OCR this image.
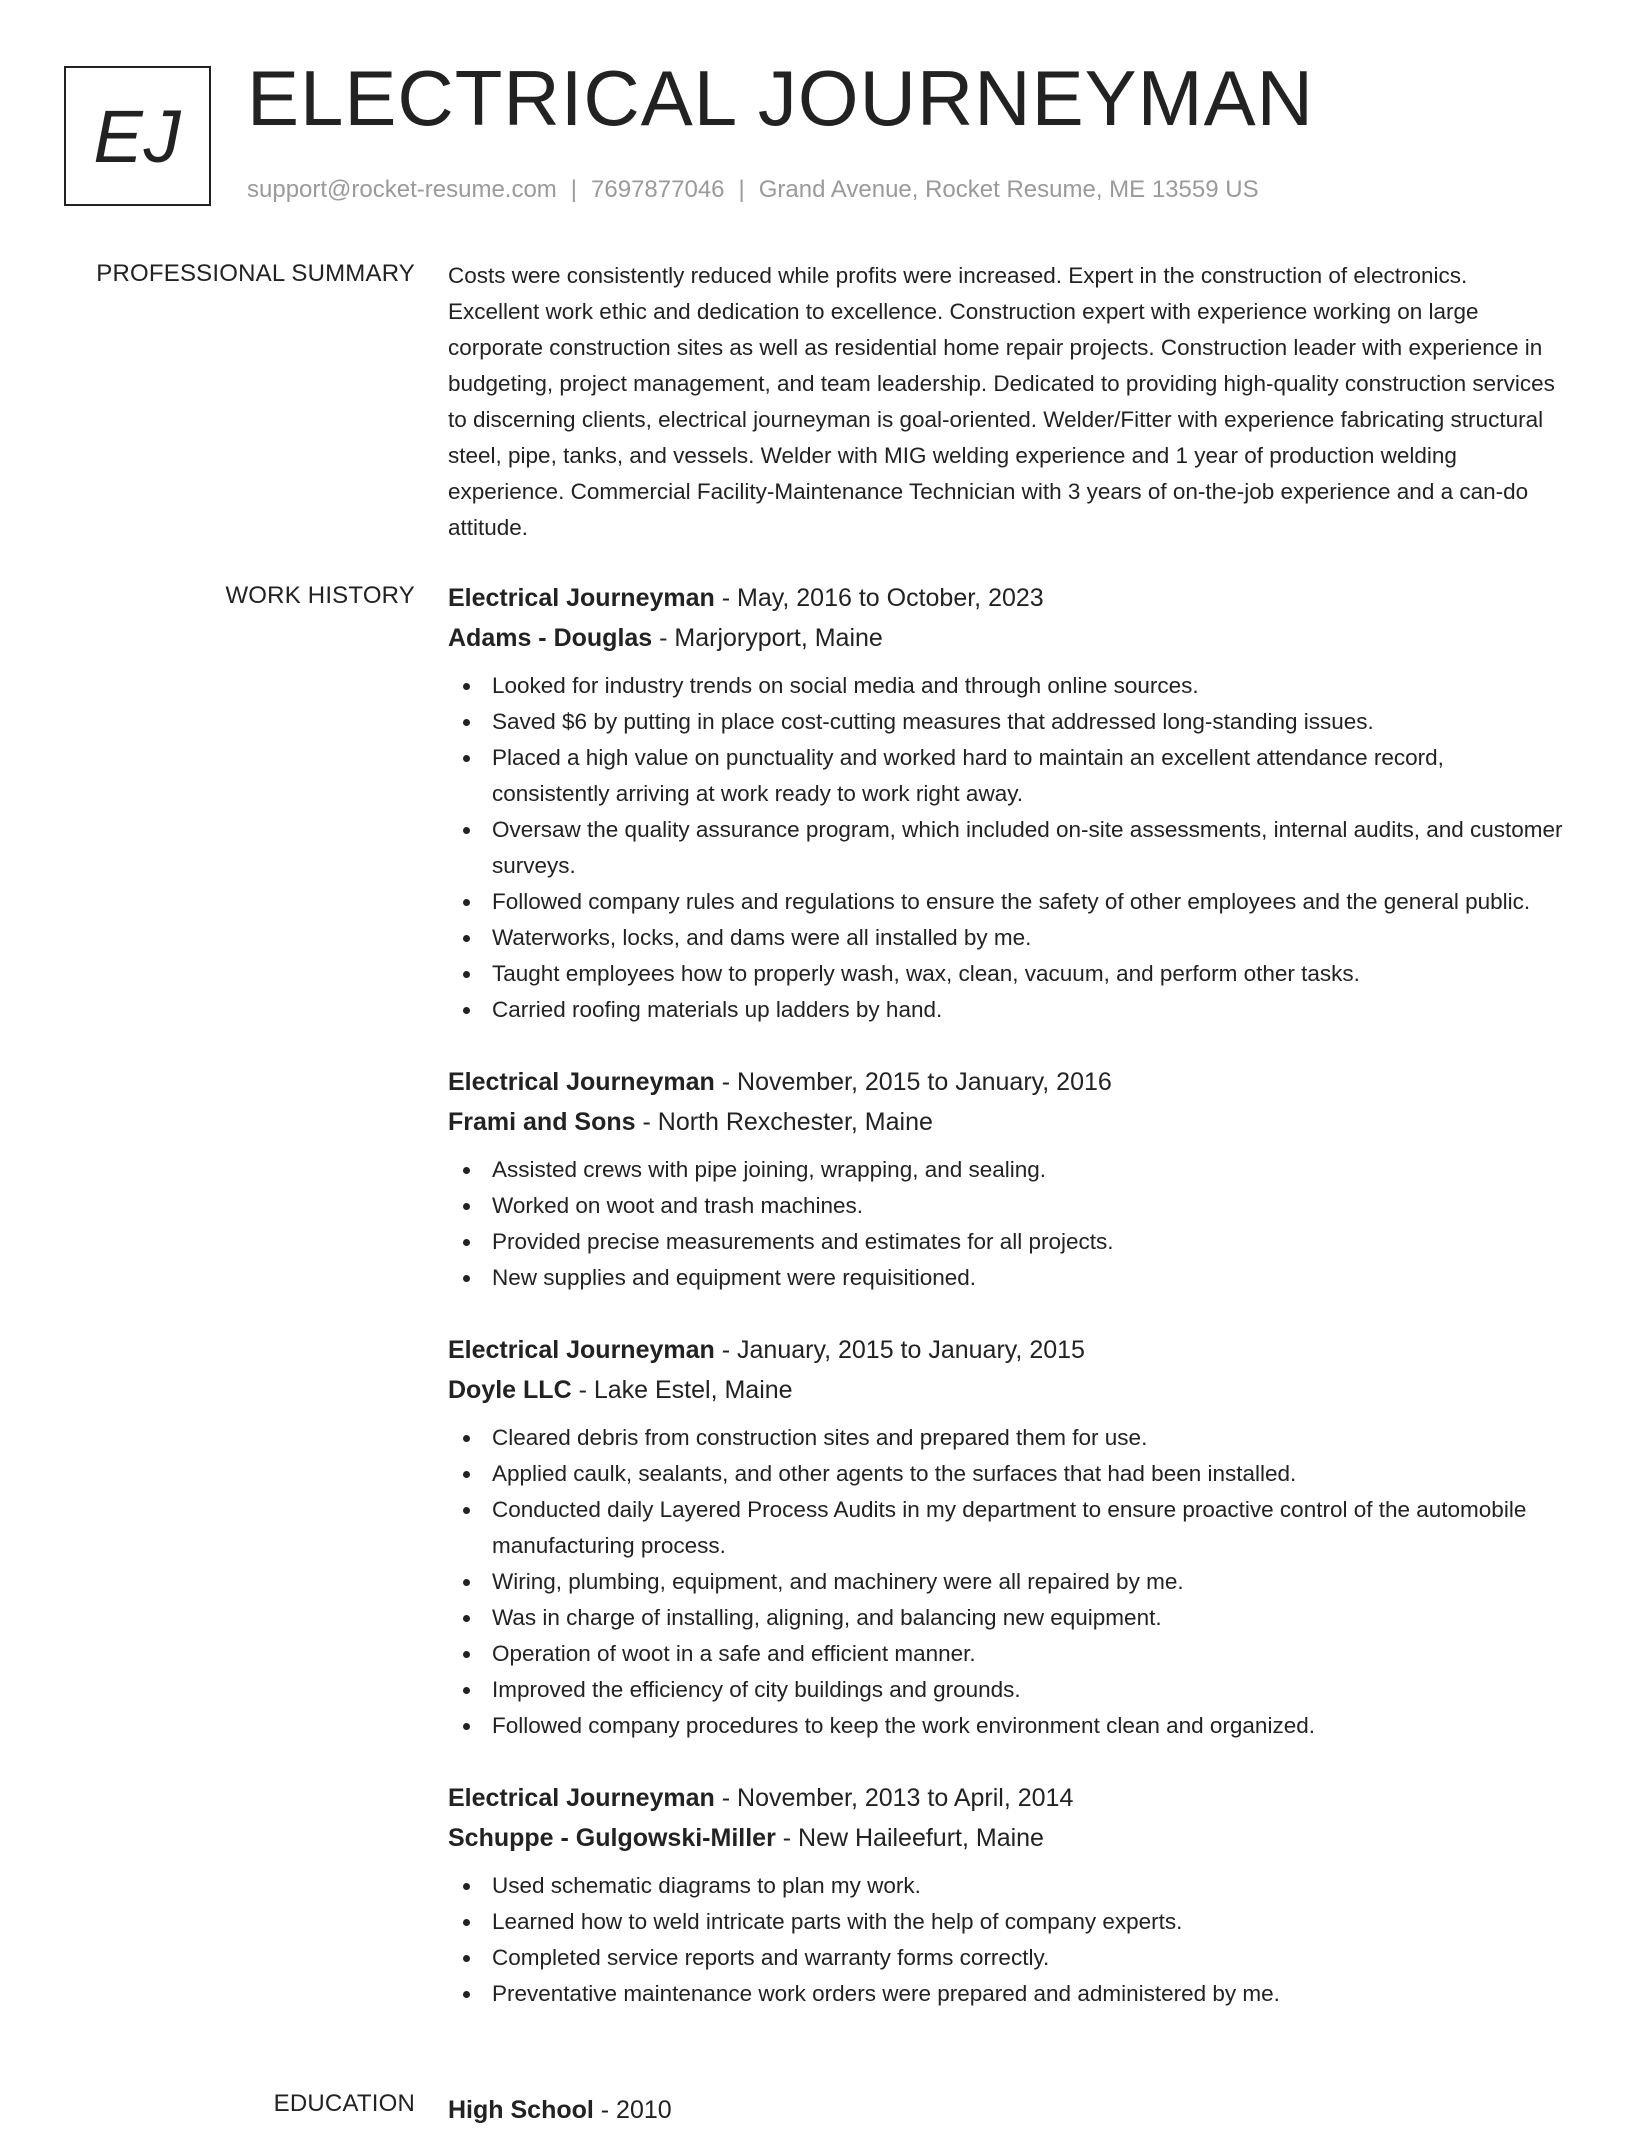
EJ ELECTRICAL JOURNEYMAN
support@rocket-resume.com | 7697877046 | Grand Avenue, Rocket Resume, ME 13559 US
PROFESSIONAL SUMMARY Costs were consistently reduced while profits were increased. Expert in the construction of electronics. Excellent work ethic and dedication to excellence. Construction expert with experience working on large corporate construction sites as well as residential home repair projects. Construction leader with experience in budgeting, project management, and team leadership. Dedicated to providing high-quality construction services to discerning clients, electrical journeyman is goal-oriented. Welder/Fitter with experience fabricating structural steel, pipe, tanks, and vessels. Welder with MIG welding experience and 1 year of production welding experience. Commercial Facility-Maintenance Technician with 3 years of on-the-job experience and a can-do attitude.

WORK HISTORY Electrical Journeyman - May, 2016 to October, 2023
Adams - Douglas - Marjoryport, Maine
Looked for industry trends on social media and through online sources.
Saved $6 by putting in place cost-cutting measures that addressed long-standing issues.
Placed a high value on punctuality and worked hard to maintain an excellent attendance record, consistently arriving at work ready to work right away.
Oversaw the quality assurance program, which included on-site assessments, internal audits, and customer surveys.
Followed company rules and regulations to ensure the safety of other employees and the general public.
Waterworks, locks, and dams were all installed by me.
Taught employees how to properly wash, wax, clean, vacuum, and perform other tasks.
Carried roofing materials up ladders by hand.
Electrical Journeyman - November, 2015 to January, 2016
Frami and Sons - North Rexchester, Maine
Assisted crews with pipe joining, wrapping, and sealing.
Worked on woot and trash machines.
Provided precise measurements and estimates for all projects.
New supplies and equipment were requisitioned.
Electrical Journeyman - January, 2015 to January, 2015
Doyle LLC - Lake Estel, Maine
Cleared debris from construction sites and prepared them for use.
Applied caulk, sealants, and other agents to the surfaces that had been installed.
Conducted daily Layered Process Audits in my department to ensure proactive control of the automobile manufacturing process.
Wiring, plumbing, equipment, and machinery were all repaired by me.
Was in charge of installing, aligning, and balancing new equipment.
Operation of woot in a safe and efficient manner.
Improved the efficiency of city buildings and grounds.
Followed company procedures to keep the work environment clean and organized.
Electrical Journeyman - November, 2013 to April, 2014
Schuppe - Gulgowski-Miller - New Haileefurt, Maine
Used schematic diagrams to plan my work.
Learned how to weld intricate parts with the help of company experts.
Completed service reports and warranty forms correctly.
Preventative maintenance work orders were prepared and administered by me.
EDUCATION High School - 2010
